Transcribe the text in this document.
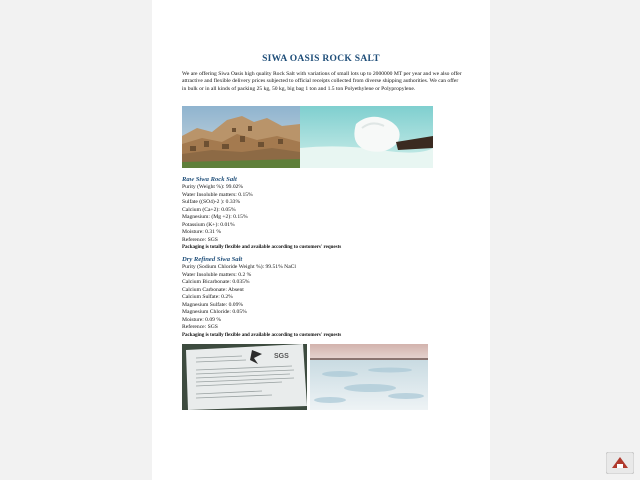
SIWA OASIS ROCK SALT
We are offering Siwa Oasis high quality Rock Salt with variations of small lots up to 2000000 MT per year and we also offer attractive and flexible delivery prices subjected to official receipts collected from diverse shipping authorities. We can offer in bulk or in all kinds of packing 25 kg, 50 kg, big bag 1 ton and 1.5 ton Polyethylene or Polypropylene.
Raw Siwa Rock Salt
Purity (Weight %): 99.02%
Water Insoluble matters: 0.15%
Sulfate ((SO4)-2 ): 0.33%
Calcium (Ca+2): 0.05%
Magnesium: (Mg +2): 0.15%
Potassium (K+): 0.01%
Moisture: 0.31 %
Reference: SGS
Packaging is totally flexible and available according to customers' requests
Dry Refined Siwa Salt
Purity (Sodium Chloride Weight %): 99.51% NaCl
Water Insoluble matters: 0.2 %
Calcium Bicarbonate: 0.035%
Calcium Carbonate: Absent
Calcium Sulfate: 0.2%
Magnesium Sulfate: 0.09%
Magnesium Chloride: 0.05%
Moisture: 0.09 %
Reference: SGS
Packaging is totally flexible and available according to customers' requests
SGS
